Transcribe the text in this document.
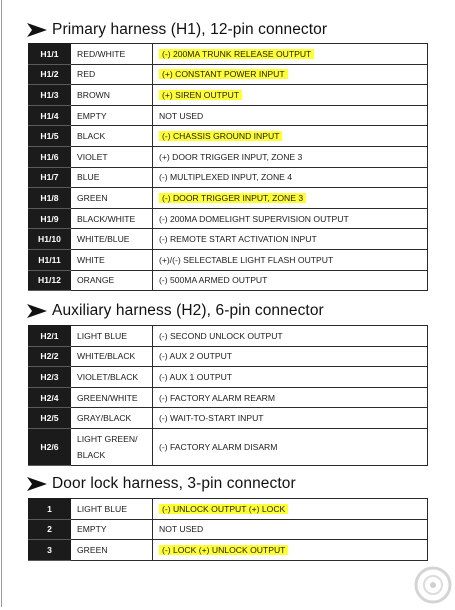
Primary harness (H1), 12-pin connector
H1/1	RED/WHITE	(-) 200MA TRUNK RELEASE OUTPUT
H1/2	RED	(+) CONSTANT POWER INPUT
H1/3	BROWN	(+) SIREN OUTPUT
H1/4	EMPTY	NOT USED
H1/5	BLACK	(-) CHASSIS GROUND INPUT
H1/6	VIOLET	(+) DOOR TRIGGER INPUT, ZONE 3
H1/7	BLUE	(-) MULTIPLEXED INPUT, ZONE 4
H1/8	GREEN	(-) DOOR TRIGGER INPUT, ZONE 3
H1/9	BLACK/WHITE	(-) 200MA DOMELIGHT SUPERVISION OUTPUT
H1/10	WHITE/BLUE	(-) REMOTE START ACTIVATION INPUT
H1/11	WHITE	(+)/(-) SELECTABLE LIGHT FLASH OUTPUT
H1/12	ORANGE	(-) 500MA ARMED OUTPUT
Auxiliary harness (H2), 6-pin connector
H2/1	LIGHT BLUE	(-) SECOND UNLOCK OUTPUT
H2/2	WHITE/BLACK	(-) AUX 2 OUTPUT
H2/3	VIOLET/BLACK	(-) AUX 1 OUTPUT
H2/4	GREEN/WHITE	(-) FACTORY ALARM REARM
H2/5	GRAY/BLACK	(-) WAIT-TO-START INPUT
H2/6	LIGHT GREEN/ BLACK	(-) FACTORY ALARM DISARM
Door lock harness, 3-pin connector
1	LIGHT BLUE	(-) UNLOCK OUTPUT (+) LOCK
2	EMPTY	NOT USED
3	GREEN	(-) LOCK (+) UNLOCK OUTPUT
